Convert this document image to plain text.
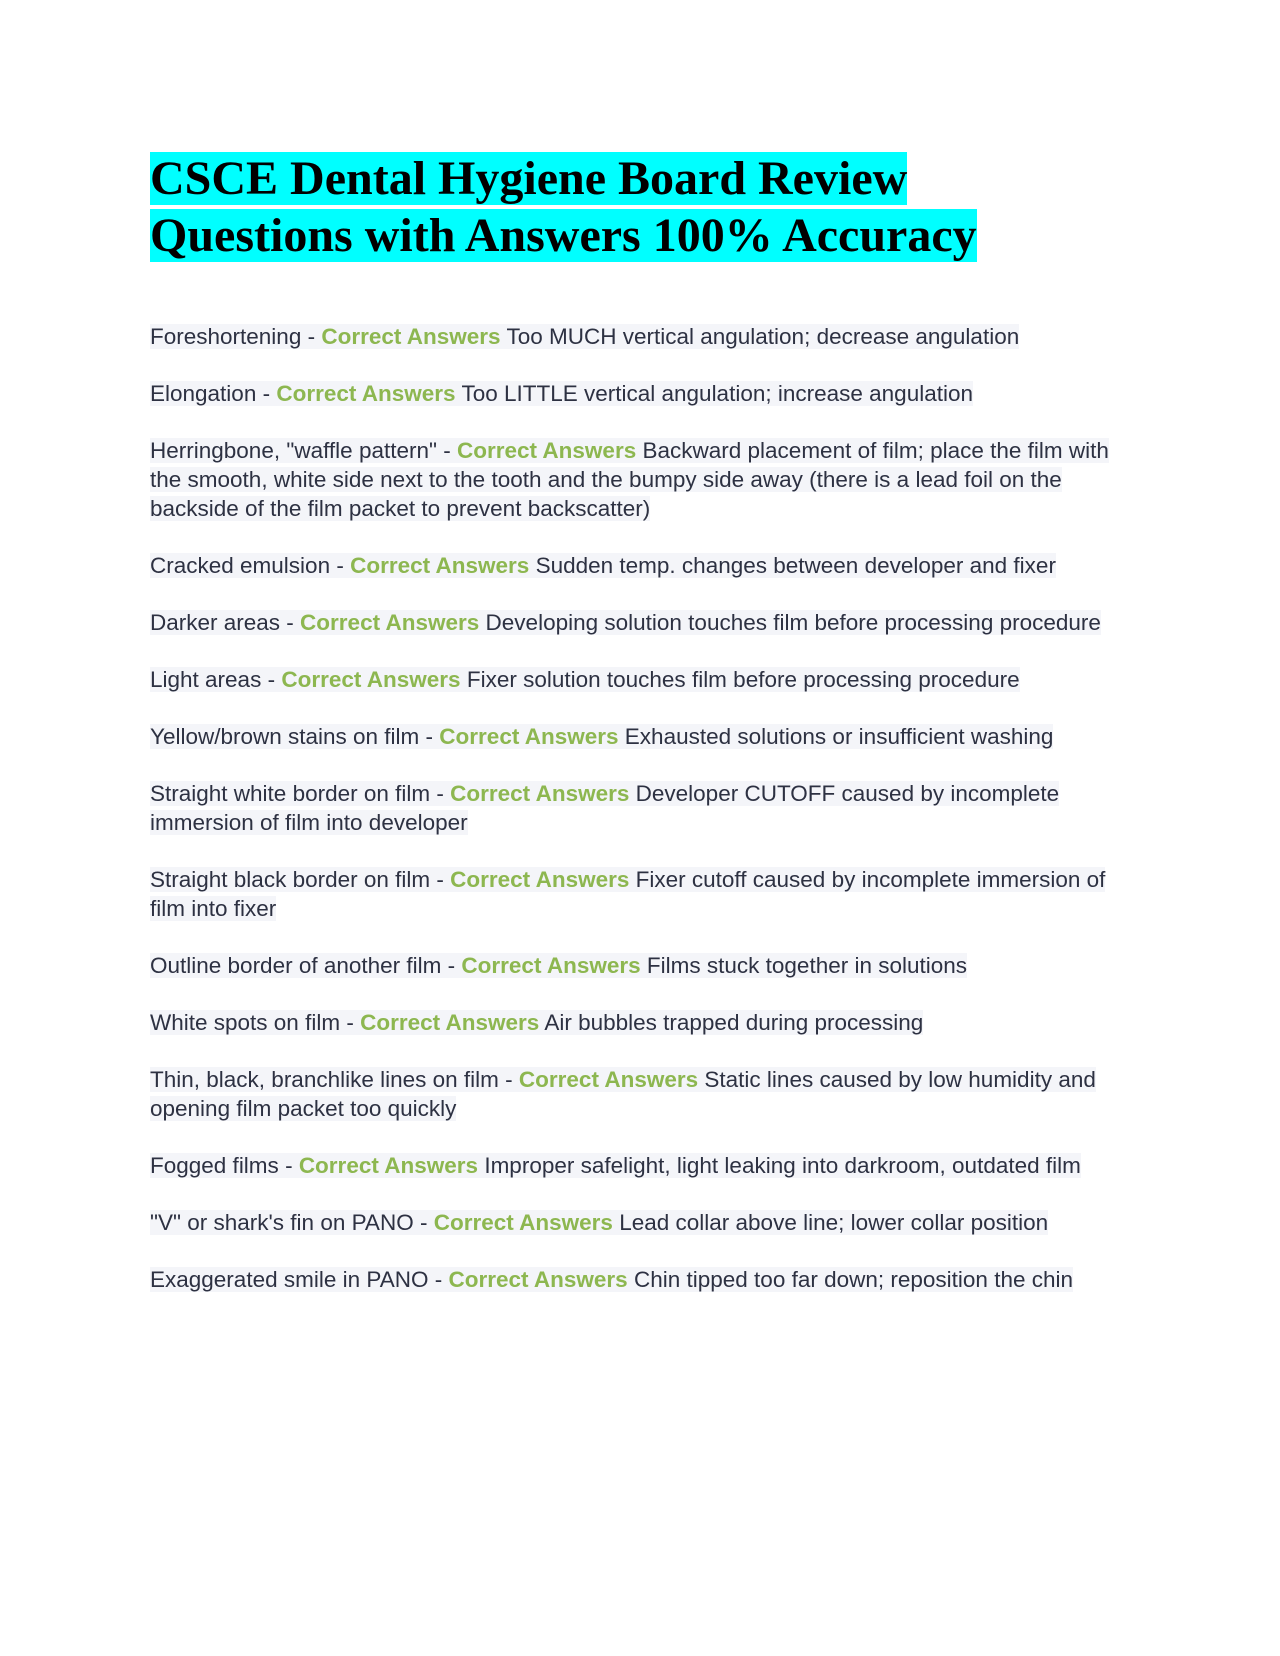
CSCE Dental Hygiene Board Review Questions with Answers 100% Accuracy

Foreshortening - Correct Answers Too MUCH vertical angulation; decrease angulation

Elongation - Correct Answers Too LITTLE vertical angulation; increase angulation

Herringbone, "waffle pattern" - Correct Answers Backward placement of film; place the film with the smooth, white side next to the tooth and the bumpy side away (there is a lead foil on the backside of the film packet to prevent backscatter)

Cracked emulsion - Correct Answers Sudden temp. changes between developer and fixer

Darker areas - Correct Answers Developing solution touches film before processing procedure

Light areas - Correct Answers Fixer solution touches film before processing procedure

Yellow/brown stains on film - Correct Answers Exhausted solutions or insufficient washing

Straight white border on film - Correct Answers Developer CUTOFF caused by incomplete immersion of film into developer

Straight black border on film - Correct Answers Fixer cutoff caused by incomplete immersion of film into fixer

Outline border of another film - Correct Answers Films stuck together in solutions

White spots on film - Correct Answers Air bubbles trapped during processing

Thin, black, branchlike lines on film - Correct Answers Static lines caused by low humidity and opening film packet too quickly

Fogged films - Correct Answers Improper safelight, light leaking into darkroom, outdated film

"V" or shark's fin on PANO - Correct Answers Lead collar above line; lower collar position

Exaggerated smile in PANO - Correct Answers Chin tipped too far down; reposition the chin
